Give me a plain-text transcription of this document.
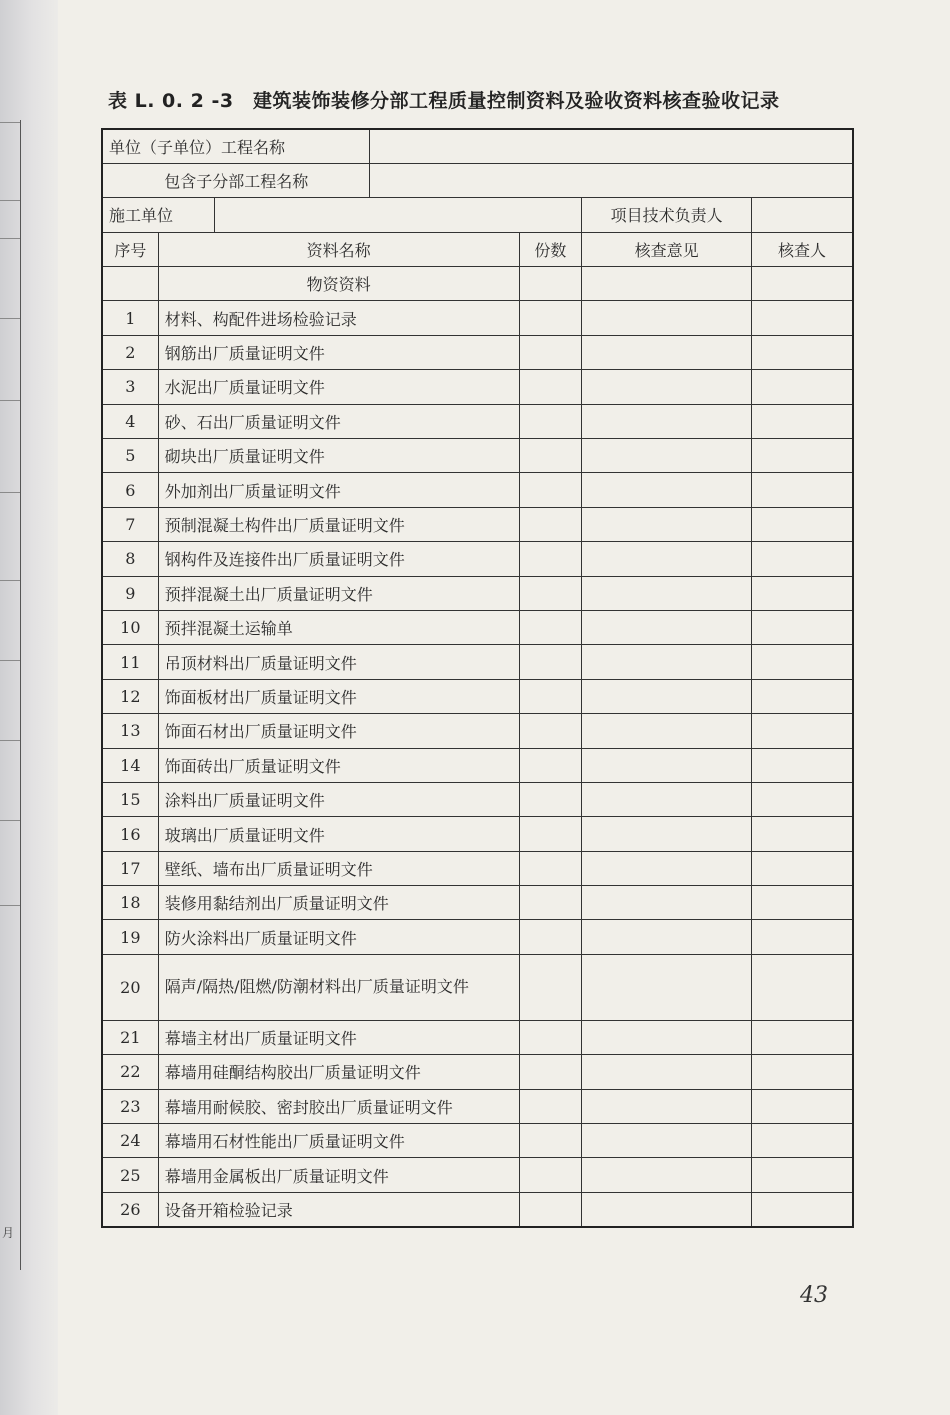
月
表 L. 0. 2 -3　建筑装饰装修分部工程质量控制资料及验收资料核查验收记录
单位（子单位）工程名称						
包含子分部工程名称						
施工单位					项目技术负责人	
序号	资料名称			份数	核查意见	核查人
	物资资料					
1	材料、构配件进场检验记录					
2	钢筋出厂质量证明文件					
3	水泥出厂质量证明文件					
4	砂、石出厂质量证明文件					
5	砌块出厂质量证明文件					
6	外加剂出厂质量证明文件					
7	预制混凝土构件出厂质量证明文件					
8	钢构件及连接件出厂质量证明文件					
9	预拌混凝土出厂质量证明文件					
10	预拌混凝土运输单					
11	吊顶材料出厂质量证明文件					
12	饰面板材出厂质量证明文件					
13	饰面石材出厂质量证明文件					
14	饰面砖出厂质量证明文件					
15	涂料出厂质量证明文件					
16	玻璃出厂质量证明文件					
17	壁纸、墙布出厂质量证明文件					
18	装修用黏结剂出厂质量证明文件					
19	防火涂料出厂质量证明文件					
20	隔声/隔热/阻燃/防潮材料出厂质量证明文件					
21	幕墙主材出厂质量证明文件					
22	幕墙用硅酮结构胶出厂质量证明文件					
23	幕墙用耐候胶、密封胶出厂质量证明文件					
24	幕墙用石材性能出厂质量证明文件					
25	幕墙用金属板出厂质量证明文件					
26	设备开箱检验记录					
43
